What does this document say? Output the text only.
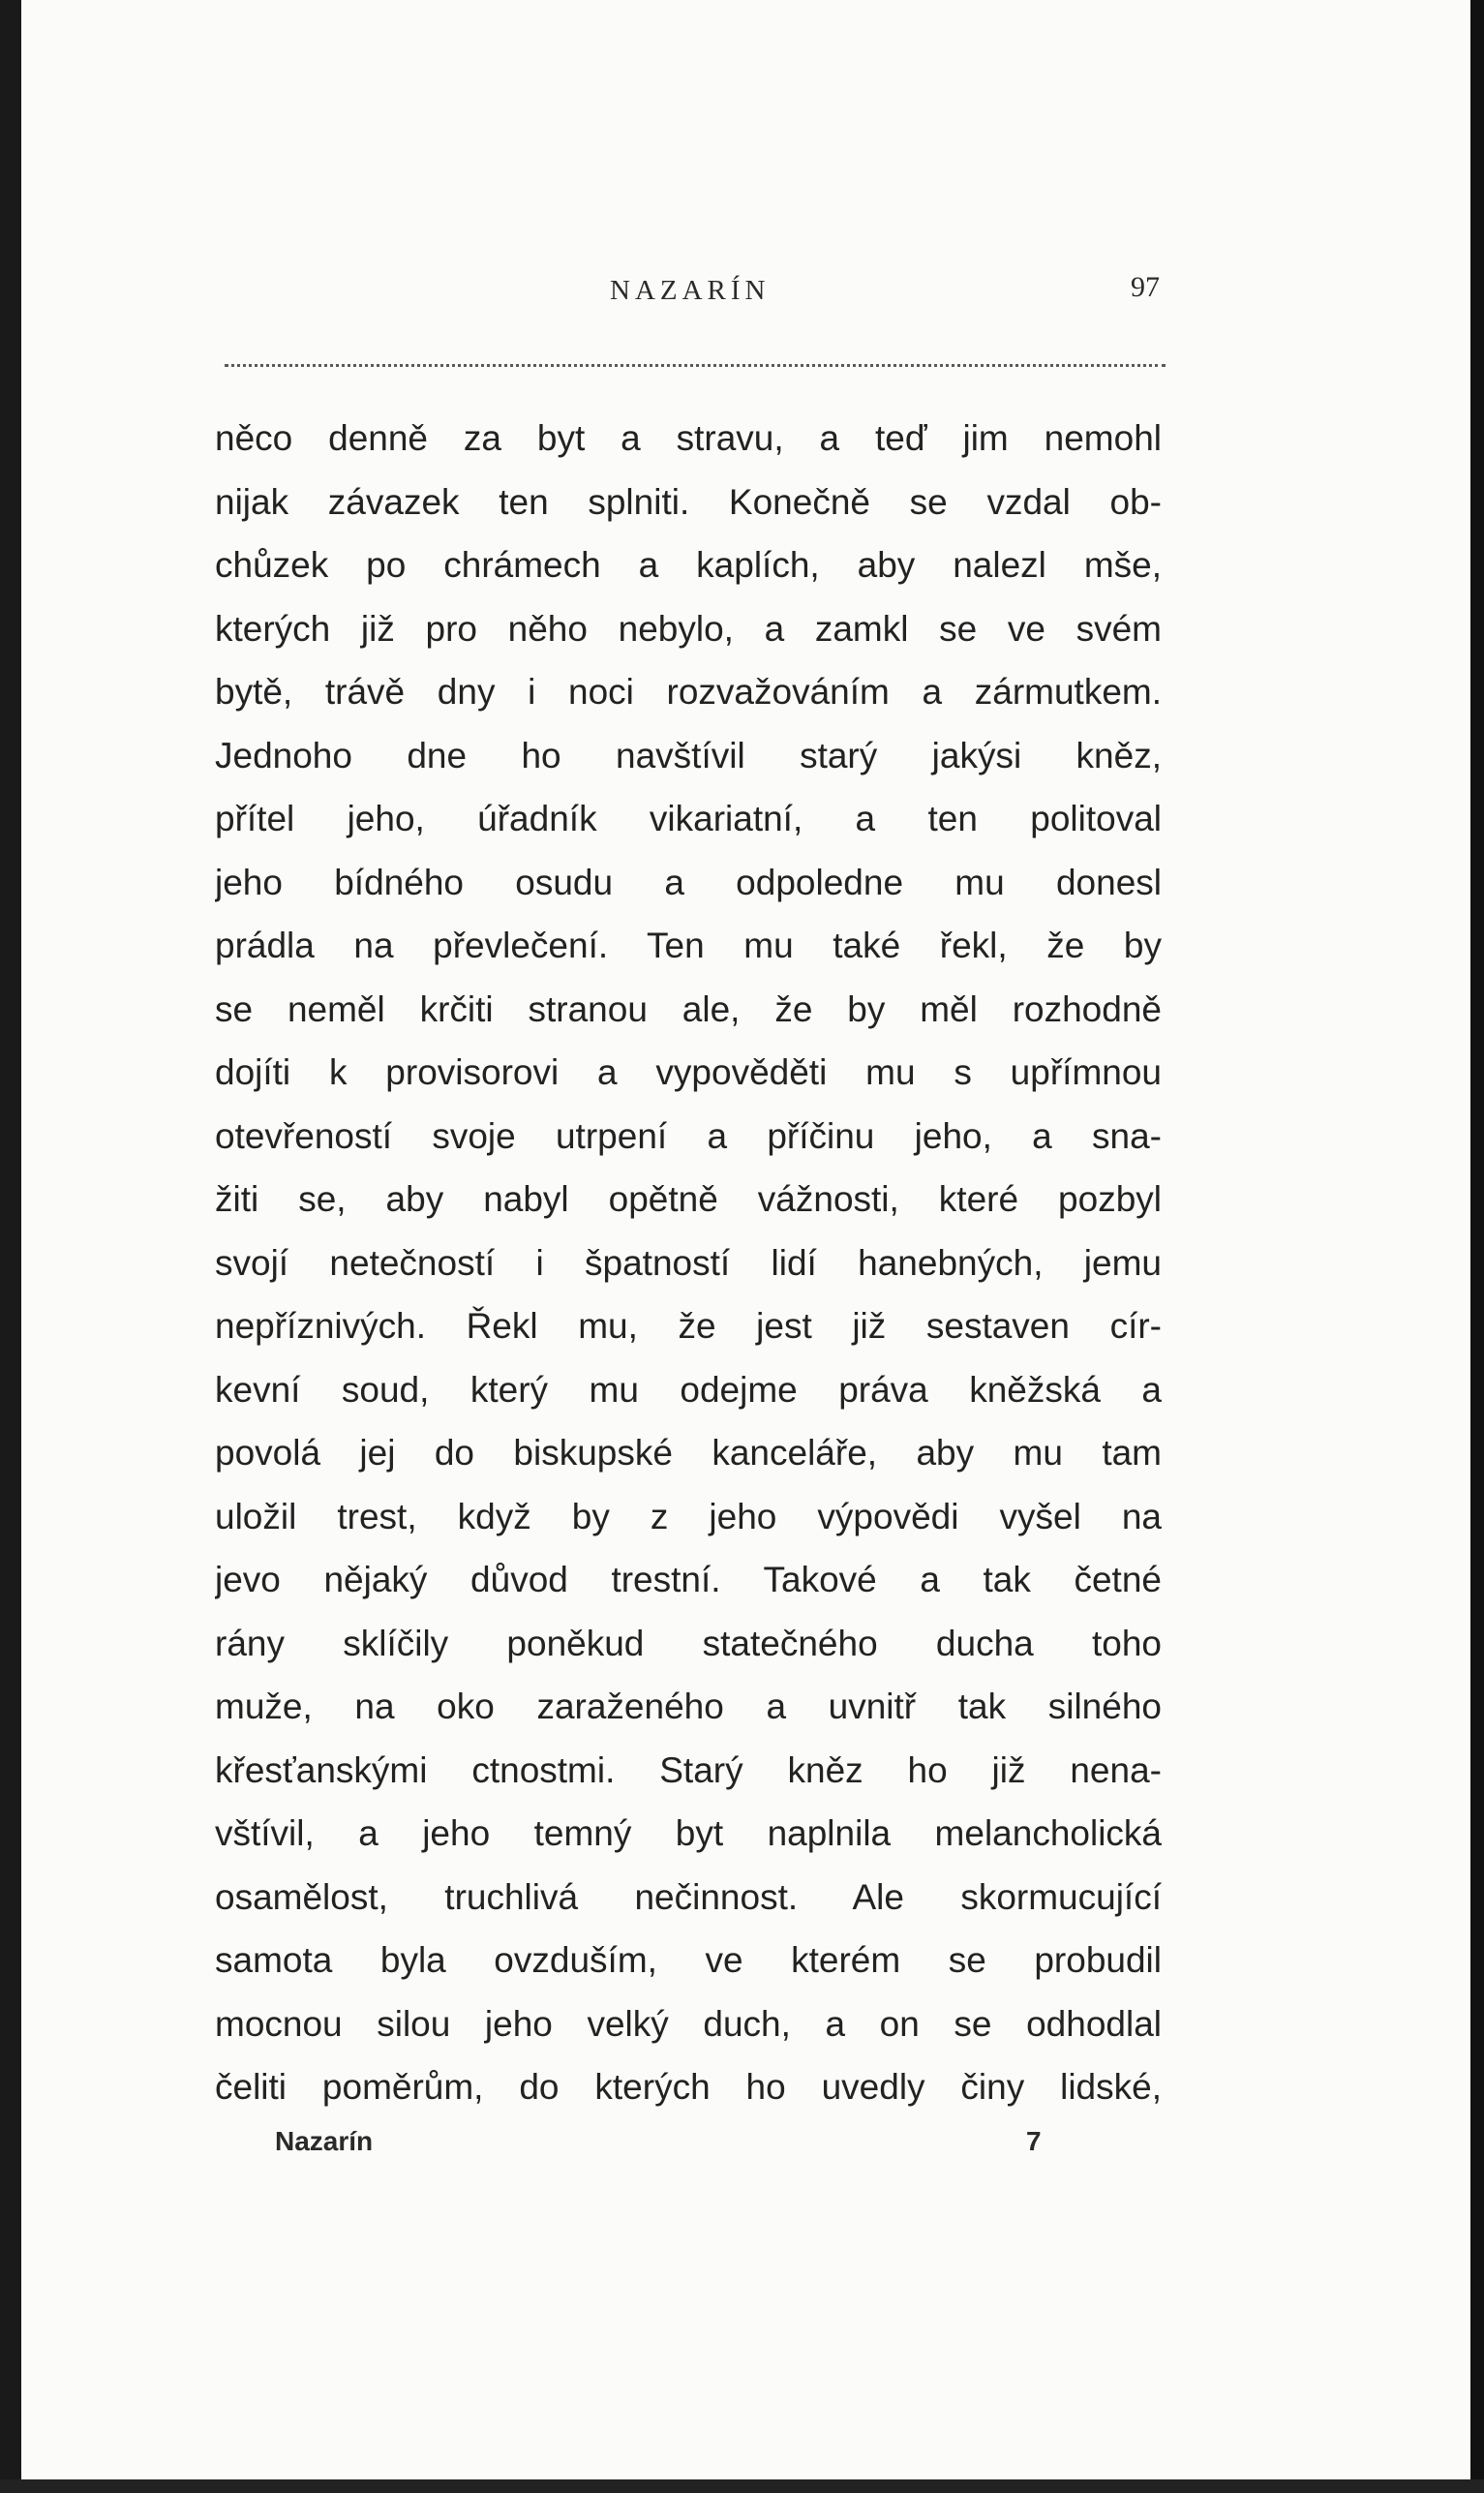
NAZARÍN	97
něco denně za byt a stravu, a teď jim nemohl
nijak závazek ten splniti. Konečně se vzdal ob-
chůzek po chrámech a kaplích, aby nalezl mše,
kterých již pro něho nebylo, a zamkl se ve svém
bytě, trávě dny i noci rozvažováním a zármutkem.
Jednoho dne ho navštívil starý jakýsi kněz,
přítel jeho, úřadník vikariatní, a ten politoval
jeho bídného osudu a odpoledne mu donesl
prádla na převlečení. Ten mu také řekl, že by
se neměl krčiti stranou ale, že by měl rozhodně
dojíti k provisorovi a vypověděti mu s upřímnou
otevřeností svoje utrpení a příčinu jeho, a sna-
žiti se, aby nabyl opětně vážnosti, které pozbyl
svojí netečností i špatností lidí hanebných, jemu
nepříznivých. Řekl mu, že jest již sestaven cír-
kevní soud, který mu odejme práva kněžská a
povolá jej do biskupské kanceláře, aby mu tam
uložil trest, když by z jeho výpovědi vyšel na
jevo nějaký důvod trestní. Takové a tak četné
rány sklíčily poněkud statečného ducha toho
muže, na oko zaraženého a uvnitř tak silného
křesťanskými ctnostmi. Starý kněz ho již nena-
vštívil, a jeho temný byt naplnila melancholická
osamělost, truchlivá nečinnost. Ale skormucující
samota byla ovzduším, ve kterém se probudil
mocnou silou jeho velký duch, a on se odhodlal
čeliti poměrům, do kterých ho uvedly činy lidské,
Nazarín	7
